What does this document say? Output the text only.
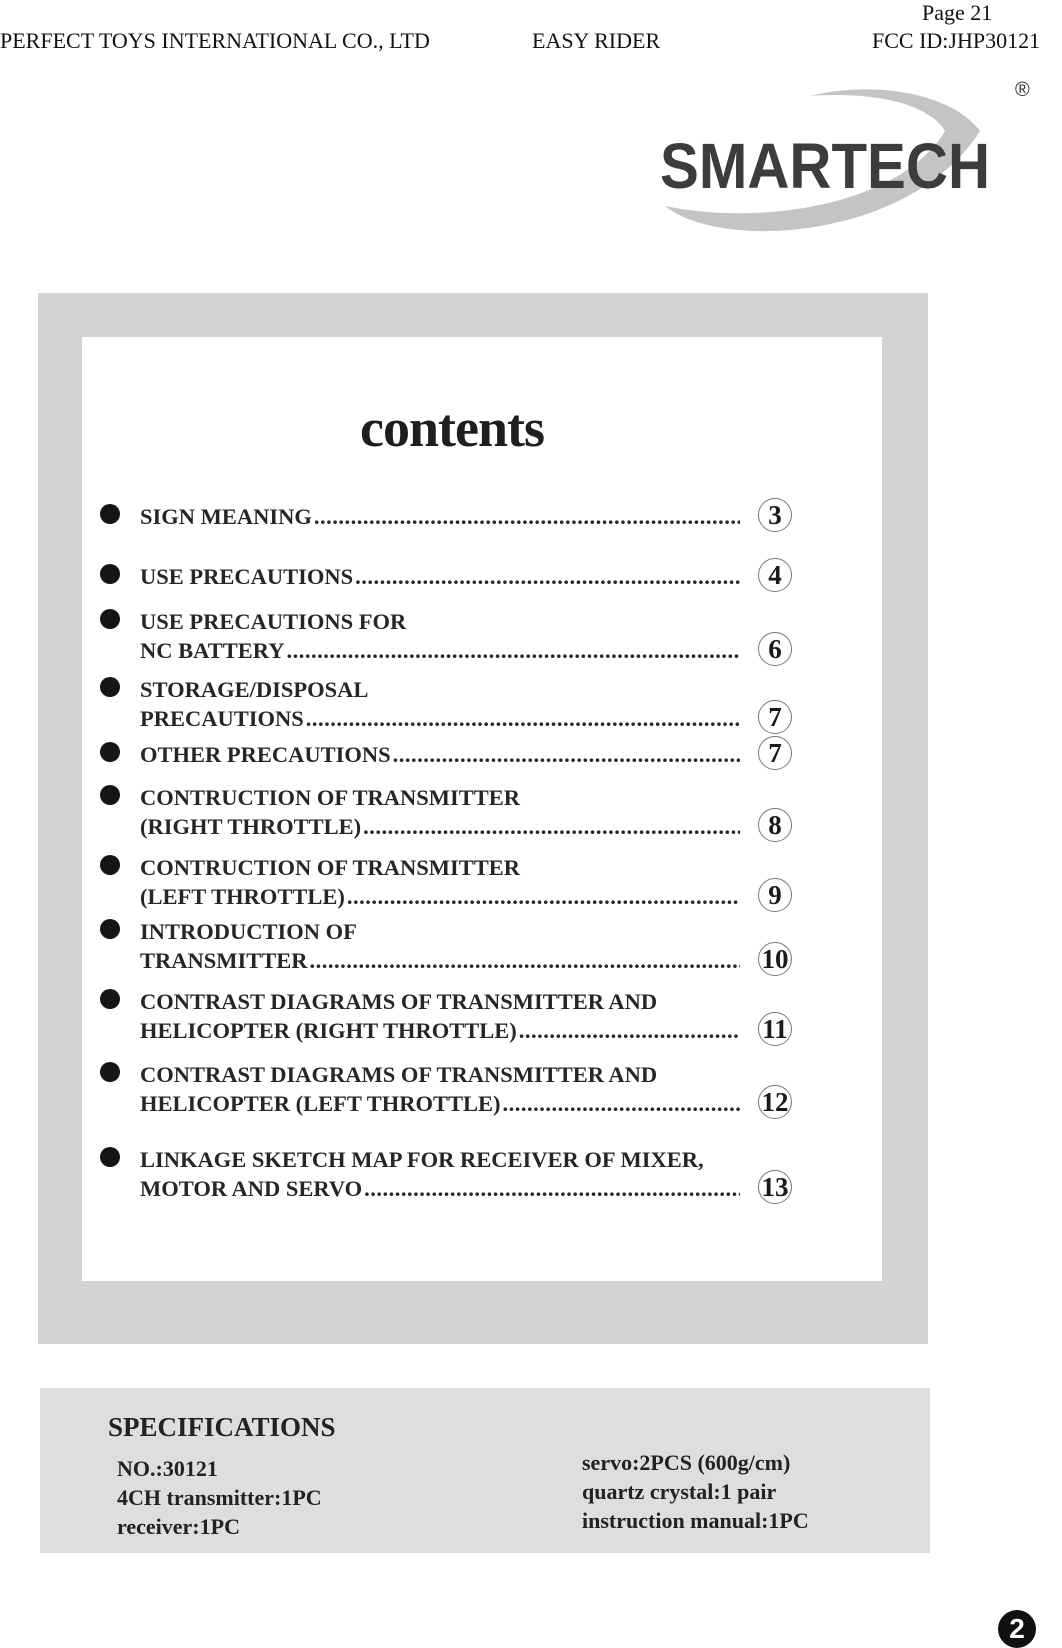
Page 21
PERFECT TOYS INTERNATIONAL CO., LTD	EASY RIDER	FCC ID:JHP30121
SMARTECH
®
contents
SIGN MEANING .....	3
USE PRECAUTIONS .....	4
USE PRECAUTIONS FOR
NC BATTERY .....	6
STORAGE/DISPOSAL
PRECAUTIONS .....	7
OTHER PRECAUTIONS .....	7
CONTRUCTION OF TRANSMITTER
(RIGHT THROTTLE) .....	8
CONTRUCTION OF TRANSMITTER
(LEFT THROTTLE) .....	9
INTRODUCTION OF
TRANSMITTER .....	10
CONTRAST DIAGRAMS OF TRANSMITTER AND
HELICOPTER (RIGHT THROTTLE) .....	11
CONTRAST DIAGRAMS OF TRANSMITTER AND
HELICOPTER (LEFT THROTTLE) .....	12
LINKAGE SKETCH MAP FOR RECEIVER OF MIXER,
MOTOR AND SERVO .....	13
SPECIFICATIONS
NO.:30121
4CH transmitter:1PC
receiver:1PC
servo:2PCS (600g/cm)
quartz crystal:1 pair
instruction manual:1PC
2
